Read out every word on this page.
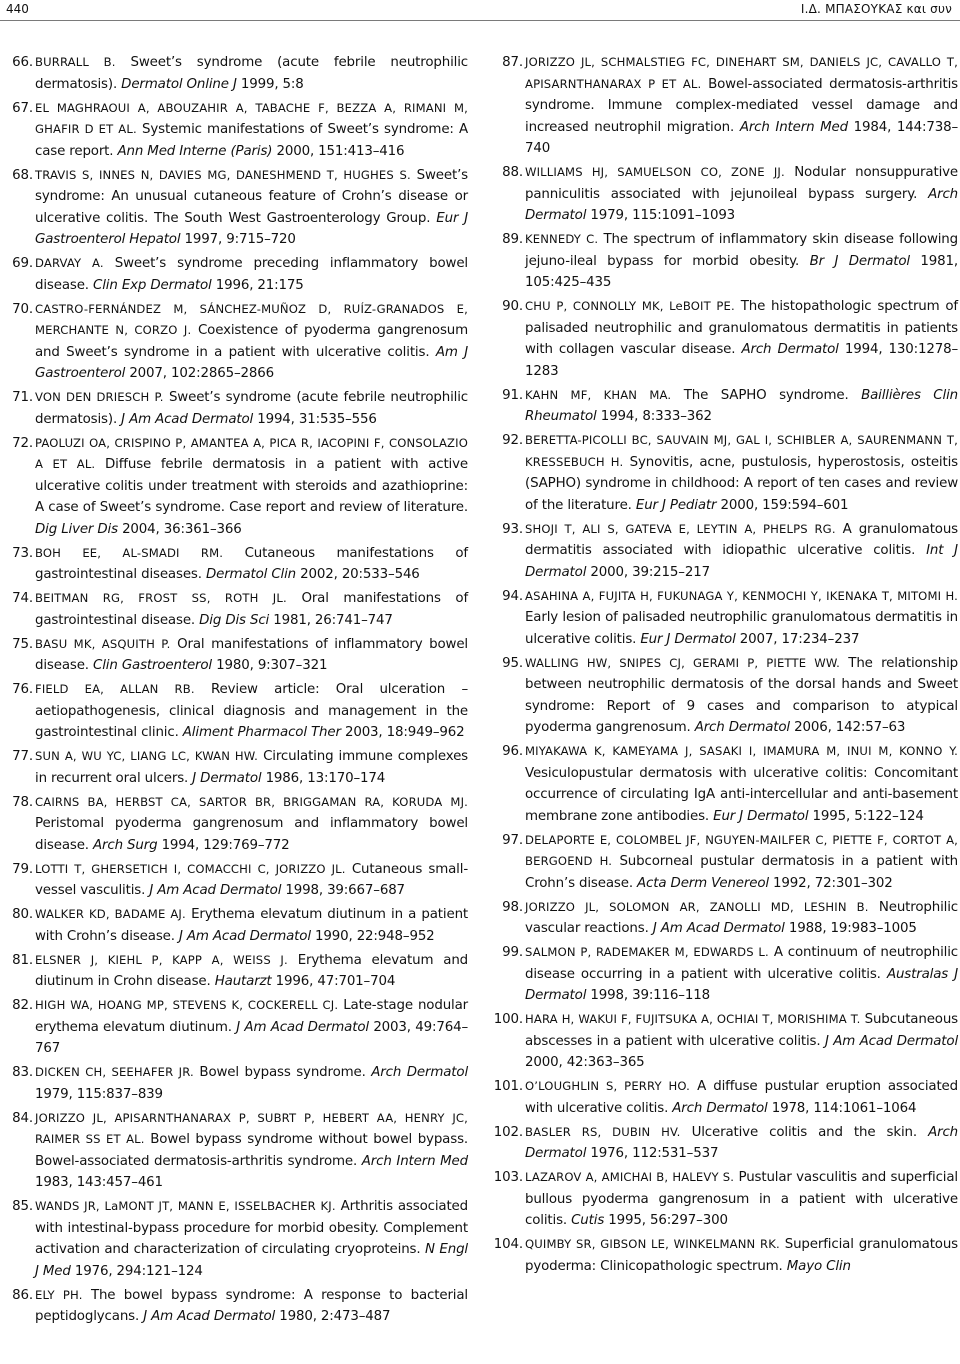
440	Ι.Δ. ΜΠΑΣΟΥΚΑΣ και συν
66. BURRALL B. Sweet’s syndrome (acute febrile neutrophilic dermatosis). Dermatol Online J 1999, 5:8
67. EL MAGHRAOUI A, ABOUZAHIR A, TABACHE F, BEZZA A, RIMANI M, GHAFIR D ET AL. Systemic manifestations of Sweet’s syndrome: A case report. Ann Med Interne (Paris) 2000, 151:413–416
68. TRAVIS S, INNES N, DAVIES MG, DANESHMEND T, HUGHES S. Sweet’s syndrome: An unusual cutaneous feature of Crohn’s disease or ulcerative colitis. The South West Gastroenterology Group. Eur J Gastroenterol Hepatol 1997, 9:715–720
69. DARVAY A. Sweet’s syndrome preceding inflammatory bowel disease. Clin Exp Dermatol 1996, 21:175
70. CASTRO-FERNÁNDEZ M, SÁNCHEZ-MUÑOZ D, RUÍZ-GRANADOS E, MERCHANTE N, CORZO J. Coexistence of pyoderma gangrenosum and Sweet’s syndrome in a patient with ulcerative colitis. Am J Gastroenterol 2007, 102:2865–2866
71. VON DEN DRIESCH P. Sweet’s syndrome (acute febrile neutrophilic dermatosis). J Am Acad Dermatol 1994, 31:535–556
72. PAOLUZI OA, CRISPINO P, AMANTEA A, PICA R, IACOPINI F, CONSOLAZIO A ET AL. Diffuse febrile dermatosis in a patient with active ulcerative colitis under treatment with steroids and azathioprine: A case of Sweet’s syndrome. Case report and review of literature. Dig Liver Dis 2004, 36:361–366
73. BOH EE, AL-SMADI RM. Cutaneous manifestations of gastrointestinal diseases. Dermatol Clin 2002, 20:533–546
74. BEITMAN RG, FROST SS, ROTH JL. Oral manifestations of gastrointestinal disease. Dig Dis Sci 1981, 26:741–747
75. BASU MK, ASQUITH P. Oral manifestations of inflammatory bowel disease. Clin Gastroenterol 1980, 9:307–321
76. FIELD EA, ALLAN RB. Review article: Oral ulceration – aetiopathogenesis, clinical diagnosis and management in the gastrointestinal clinic. Aliment Pharmacol Ther 2003, 18:949–962
77. SUN A, WU YC, LIANG LC, KWAN HW. Circulating immune complexes in recurrent oral ulcers. J Dermatol 1986, 13:170–174
78. CAIRNS BA, HERBST CA, SARTOR BR, BRIGGAMAN RA, KORUDA MJ. Peristomal pyoderma gangrenosum and inflammatory bowel disease. Arch Surg 1994, 129:769–772
79. LOTTI T, GHERSETICH I, COMACCHI C, JORIZZO JL. Cutaneous small-vessel vasculitis. J Am Acad Dermatol 1998, 39:667–687
80. WALKER KD, BADAME AJ. Erythema elevatum diutinum in a patient with Crohn’s disease. J Am Acad Dermatol 1990, 22:948–952
81. ELSNER J, KIEHL P, KAPP A, WEISS J. Erythema elevatum and diutinum in Crohn disease. Hautarzt 1996, 47:701–704
82. HIGH WA, HOANG MP, STEVENS K, COCKERELL CJ. Late-stage nodular erythema elevatum diutinum. J Am Acad Dermatol 2003, 49:764–767
83. DICKEN CH, SEEHAFER JR. Bowel bypass syndrome. Arch Dermatol 1979, 115:837–839
84. JORIZZO JL, APISARNTHANARAX P, SUBRT P, HEBERT AA, HENRY JC, RAIMER SS ET AL. Bowel bypass syndrome without bowel bypass. Bowel-associated dermatosis-arthritis syndrome. Arch Intern Med 1983, 143:457–461
85. WANDS JR, LaMONT JT, MANN E, ISSELBACHER KJ. Arthritis associated with intestinal-bypass procedure for morbid obesity. Complement activation and characterization of circulating cryoproteins. N Engl J Med 1976, 294:121–124
86. ELY PH. The bowel bypass syndrome: A response to bacterial peptidoglycans. J Am Acad Dermatol 1980, 2:473–487
87. JORIZZO JL, SCHMALSTIEG FC, DINEHART SM, DANIELS JC, CAVALLO T, APISARNTHANARAX P ET AL. Bowel-associated dermatosis-arthritis syndrome. Immune complex-mediated vessel damage and increased neutrophil migration. Arch Intern Med 1984, 144:738–740
88. WILLIAMS HJ, SAMUELSON CO, ZONE JJ. Nodular nonsuppurative panniculitis associated with jejunoileal bypass surgery. Arch Dermatol 1979, 115:1091–1093
89. KENNEDY C. The spectrum of inflammatory skin disease following jejuno-ileal bypass for morbid obesity. Br J Dermatol 1981, 105:425–435
90. CHU P, CONNOLLY MK, LeBOIT PE. The histopathologic spectrum of palisaded neutrophilic and granulomatous dermatitis in patients with collagen vascular disease. Arch Dermatol 1994, 130:1278–1283
91. KAHN MF, KHAN MA. The SAPHO syndrome. Baillières Clin Rheumatol 1994, 8:333–362
92. BERETTA-PICOLLI BC, SAUVAIN MJ, GAL I, SCHIBLER A, SAURENMANN T, KRESSEBUCH H. Synovitis, acne, pustulosis, hyperostosis, osteitis (SAPHO) syndrome in childhood: A report of ten cases and review of the literature. Eur J Pediatr 2000, 159:594–601
93. SHOJI T, ALI S, GATEVA E, LEYTIN A, PHELPS RG. A granulomatous dermatitis associated with idiopathic ulcerative colitis. Int J Dermatol 2000, 39:215–217
94. ASAHINA A, FUJITA H, FUKUNAGA Y, KENMOCHI Y, IKENAKA T, MITOMI H. Early lesion of palisaded neutrophilic granulomatous dermatitis in ulcerative colitis. Eur J Dermatol 2007, 17:234–237
95. WALLING HW, SNIPES CJ, GERAMI P, PIETTE WW. The relationship between neutrophilic dermatosis of the dorsal hands and Sweet syndrome: Report of 9 cases and comparison to atypical pyoderma gangrenosum. Arch Dermatol 2006, 142:57–63
96. MIYAKAWA K, KAMEYAMA J, SASAKI I, IMAMURA M, INUI M, KONNO Y. Vesiculopustular dermatosis with ulcerative colitis: Concomitant occurrence of circulating IgA anti-intercellular and anti-basement membrane zone antibodies. Eur J Dermatol 1995, 5:122–124
97. DELAPORTE E, COLOMBEL JF, NGUYEN-MAILFER C, PIETTE F, CORTOT A, BERGOEND H. Subcorneal pustular dermatosis in a patient with Crohn’s disease. Acta Derm Venereol 1992, 72:301–302
98. JORIZZO JL, SOLOMON AR, ZANOLLI MD, LESHIN B. Neutrophilic vascular reactions. J Am Acad Dermatol 1988, 19:983–1005
99. SALMON P, RADEMAKER M, EDWARDS L. A continuum of neutrophilic disease occurring in a patient with ulcerative colitis. Australas J Dermatol 1998, 39:116–118
100. HARA H, WAKUI F, FUJITSUKA A, OCHIAI T, MORISHIMA T. Subcutaneous abscesses in a patient with ulcerative colitis. J Am Acad Dermatol 2000, 42:363–365
101. O’LOUGHLIN S, PERRY HO. A diffuse pustular eruption associated with ulcerative colitis. Arch Dermatol 1978, 114:1061–1064
102. BASLER RS, DUBIN HV. Ulcerative colitis and the skin. Arch Dermatol 1976, 112:531–537
103. LAZAROV A, AMICHAI B, HALEVY S. Pustular vasculitis and superficial bullous pyoderma gangrenosum in a patient with ulcerative colitis. Cutis 1995, 56:297–300
104. QUIMBY SR, GIBSON LE, WINKELMANN RK. Superficial granulomatous pyoderma: Clinicopathologic spectrum. Mayo Clin
